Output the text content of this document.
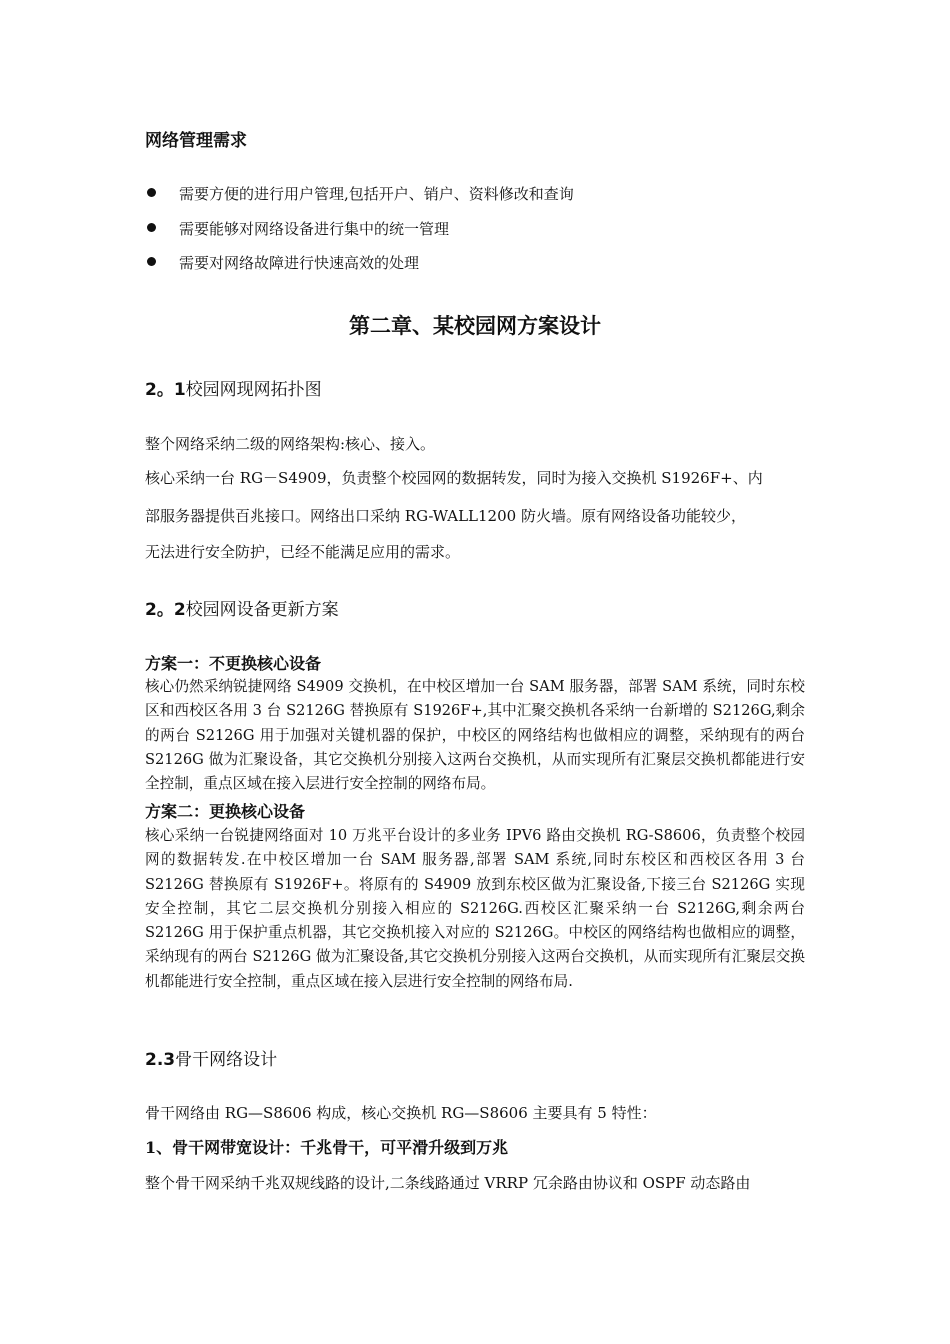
网络管理需求
需要方便的进行用户管理,包括开户、销户、资料修改和查询
需要能够对网络设备进行集中的统一管理
需要对网络故障进行快速高效的处理
第二章、某校园网方案设计
2。1校园网现网拓扑图
整个网络采纳二级的网络架构:核心、接入。
核心采纳一台 RG－S4909，负责整个校园网的数据转发，同时为接入交换机 S1926F+、内
部服务器提供百兆接口。网络出口采纳 RG-WALL1200 防火墙。原有网络设备功能较少，
无法进行安全防护，已经不能满足应用的需求。
2。2校园网设备更新方案
方案一：不更换核心设备
核心仍然采纳锐捷网络 S4909 交换机，在中校区增加一台 SAM 服务器，部署 SAM 系统，同时东校区和西校区各用 3 台 S2126G 替换原有 S1926F+,其中汇聚交换机各采纳一台新增的 S2126G,剩余的两台 S2126G 用于加强对关键机器的保护，中校区的网络结构也做相应的调整，采纳现有的两台 S2126G 做为汇聚设备，其它交换机分别接入这两台交换机，从而实现所有汇聚层交换机都能进行安全控制，重点区域在接入层进行安全控制的网络布局。
方案二：更换核心设备
核心采纳一台锐捷网络面对 10 万兆平台设计的多业务 IPV6 路由交换机 RG-S8606，负责整个校园网的数据转发.在中校区增加一台 SAM 服务器,部署 SAM 系统,同时东校区和西校区各用 3 台 S2126G 替换原有 S1926F+。将原有的 S4909 放到东校区做为汇聚设备,下接三台 S2126G 实现安全控制，其它二层交换机分别接入相应的 S2126G.西校区汇聚采纳一台 S2126G,剩余两台 S2126G 用于保护重点机器，其它交换机接入对应的 S2126G。中校区的网络结构也做相应的调整，采纳现有的两台 S2126G 做为汇聚设备,其它交换机分别接入这两台交换机，从而实现所有汇聚层交换机都能进行安全控制，重点区域在接入层进行安全控制的网络布局.
2.3骨干网络设计
骨干网络由 RG—S8606 构成，核心交换机 RG—S8606 主要具有 5 特性：
1、骨干网带宽设计：千兆骨干，可平滑升级到万兆
整个骨干网采纳千兆双规线路的设计,二条线路通过 VRRP 冗余路由协议和 OSPF 动态路由
